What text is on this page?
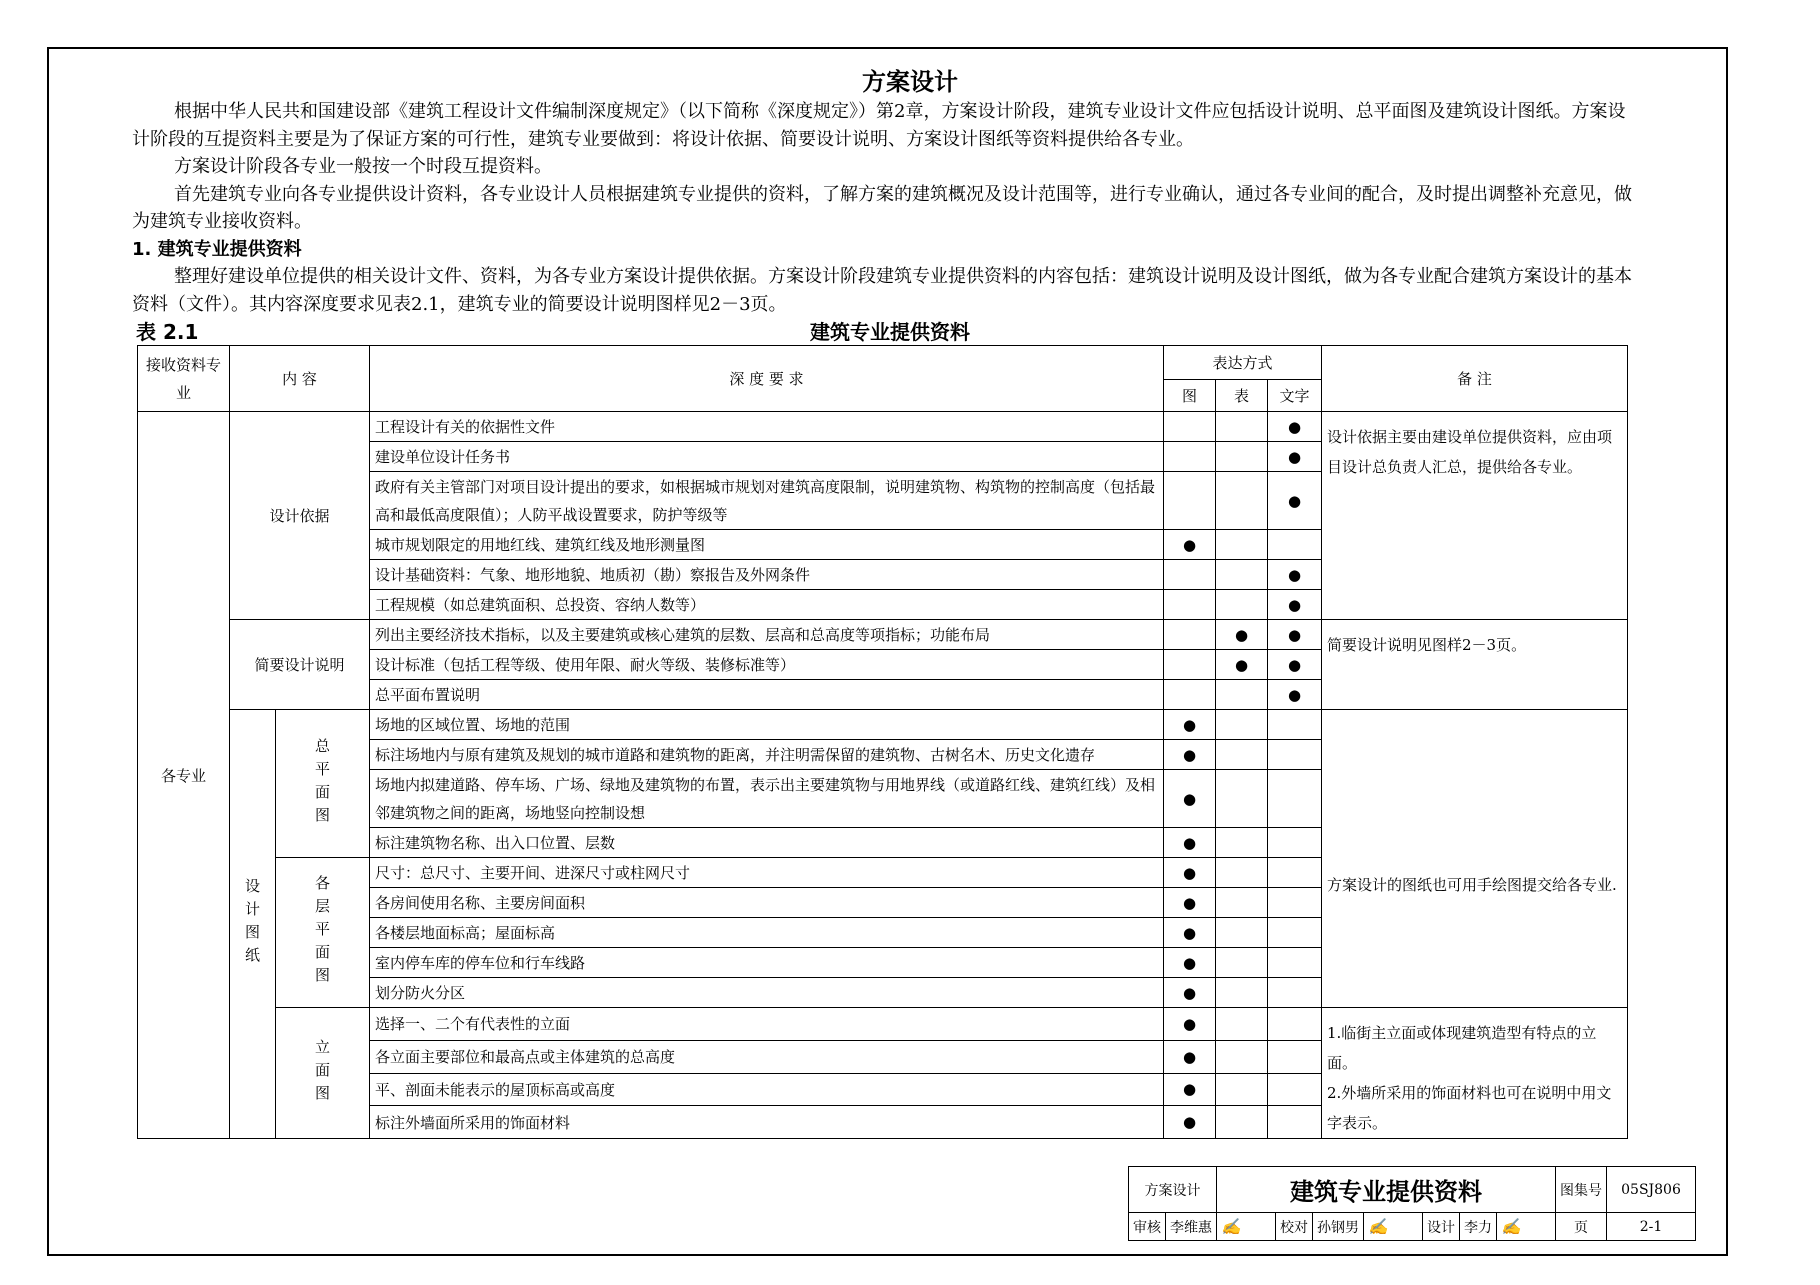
方案设计

根据中华人民共和国建设部《建筑工程设计文件编制深度规定》（以下简称《深度规定》）第2章，方案设计阶段，建筑专业设计文件应包括设计说明、总平面图及建筑设计图纸。方案设计阶段的互提资料主要是为了保证方案的可行性，建筑专业要做到：将设计依据、简要设计说明、方案设计图纸等资料提供给各专业。

方案设计阶段各专业一般按一个时段互提资料。

首先建筑专业向各专业提供设计资料，各专业设计人员根据建筑专业提供的资料，了解方案的建筑概况及设计范围等，进行专业确认，通过各专业间的配合，及时提出调整补充意见，做为建筑专业接收资料。

1. 建筑专业提供资料

整理好建设单位提供的相关设计文件、资料，为各专业方案设计提供依据。方案设计阶段建筑专业提供资料的内容包括：建筑设计说明及设计图纸，做为各专业配合建筑方案设计的基本资料（文件）。其内容深度要求见表2.1，建筑专业的简要设计说明图样见2－3页。

表 2.1	建筑专业提供资料
接收资料专业	内 容		深 度 要 求	表达方式			备 注
				图	表	文字	
各专业	设计依据		工程设计有关的依据性文件			●	设计依据主要由建设单位提供资料，应由项目设计总负责人汇总，提供给各专业。
			建设单位设计任务书			●	
			政府有关主管部门对项目设计提出的要求，如根据城市规划对建筑高度限制，说明建筑物、构筑物的控制高度（包括最高和最低高度限值）；人防平战设置要求，防护等级等			●	
			城市规划限定的用地红线、建筑红线及地形测量图	●			
			设计基础资料：气象、地形地貌、地质初（勘）察报告及外网条件			●	
			工程规模（如总建筑面积、总投资、容纳人数等）			●	
	简要设计说明		列出主要经济技术指标，以及主要建筑或核心建筑的层数、层高和总高度等项指标；功能布局		●	●	简要设计说明见图样2－3页。
			设计标准（包括工程等级、使用年限、耐火等级、装修标准等）		●	●	
			总平面布置说明			●	
	设计图纸	总平面图	场地的区域位置、场地的范围	●			方案设计的图纸也可用手绘图提交给各专业.
			标注场地内与原有建筑及规划的城市道路和建筑物的距离，并注明需保留的建筑物、古树名木、历史文化遗存	●			
			场地内拟建道路、停车场、广场、绿地及建筑物的布置，表示出主要建筑物与用地界线（或道路红线、建筑红线）及相邻建筑物之间的距离，场地竖向控制设想	●			
			标注建筑物名称、出入口位置、层数	●			
		各层平面图	尺寸：总尺寸、主要开间、进深尺寸或柱网尺寸	●			
			各房间使用名称、主要房间面积	●			
			各楼层地面标高；屋面标高	●			
			室内停车库的停车位和行车线路	●			
			划分防火分区	●			
		立面图	选择一、二个有代表性的立面	●			1.临街主立面或体现建筑造型有特点的立面。
2.外墙所采用的饰面材料也可在说明中用文字表示。
			各立面主要部位和最高点或主体建筑的总高度	●			
			平、剖面未能表示的屋顶标高或高度	●			
			标注外墙面所采用的饰面材料	●			
方案设计		建筑专业提供资料							图集号	05SJ806
审核	李维惠	✍	校对	孙钢男	✍	设计	李力	✍	页	2-1
